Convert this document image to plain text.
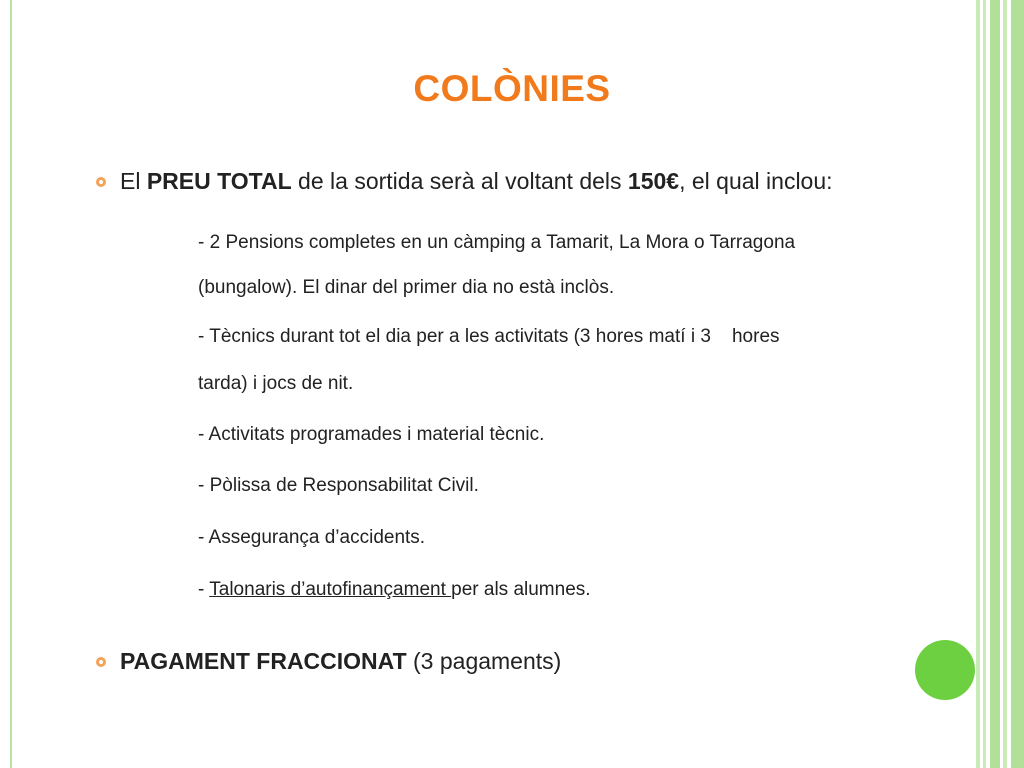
COLÒNIES
El PREU TOTAL de la sortida serà al voltant dels 150€, el qual inclou:
- 2 Pensions completes en un càmping a Tamarit, La Mora o Tarragona
(bungalow). El dinar del primer dia no està inclòs.
- Tècnics durant tot el dia per a les activitats (3 hores matí i 3    hores
tarda) i jocs de nit.
- Activitats programades i material tècnic.
- Pòlissa de Responsabilitat Civil.
- Assegurança d’accidents.
- Talonaris d’autofinançament per als alumnes.
PAGAMENT FRACCIONAT (3 pagaments)
